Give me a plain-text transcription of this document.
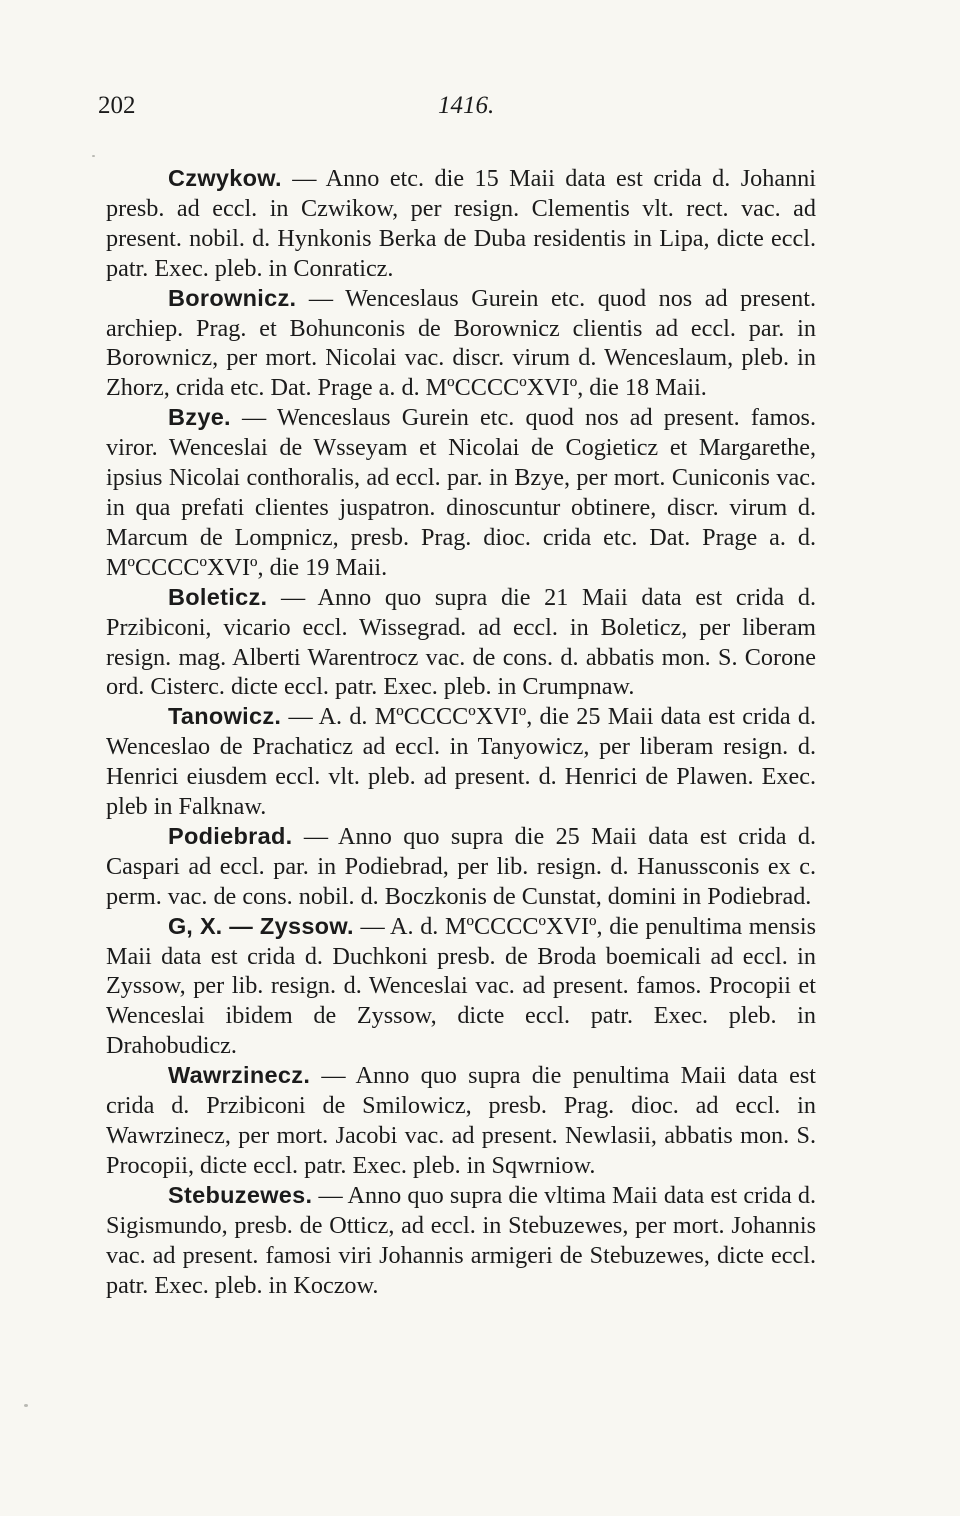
202	1416.

Czwykow. — Anno etc. die 15 Maii data est crida d. Johanni presb. ad eccl. in Czwikow, per resign. Clementis vlt. rect. vac. ad present. nobil. d. Hynkonis Berka de Duba residentis in Lipa, dicte eccl. patr. Exec. pleb. in Conraticz.

Borownicz. — Wenceslaus Gurein etc. quod nos ad present. archiep. Prag. et Bohunconis de Borownicz clientis ad eccl. par. in Borownicz, per mort. Nicolai vac. discr. virum d. Wenceslaum, pleb. in Zhorz, crida etc. Dat. Prage a. d. MºCCCCºXVIº, die 18 Maii.

Bzye. — Wenceslaus Gurein etc. quod nos ad present. famos. viror. Wenceslai de Wsseyam et Nicolai de Cogieticz et Margarethe, ipsius Nicolai conthoralis, ad eccl. par. in Bzye, per mort. Cuniconis vac. in qua prefati clientes juspatron. dinoscuntur obtinere, discr. virum d. Marcum de Lompnicz, presb. Prag. dioc. crida etc. Dat. Prage a. d. MºCCCCºXVIº, die 19 Maii.

Boleticz. — Anno quo supra die 21 Maii data est crida d. Przibiconi, vicario eccl. Wissegrad. ad eccl. in Boleticz, per liberam resign. mag. Alberti Warentrocz vac. de cons. d. abbatis mon. S. Corone ord. Cisterc. dicte eccl. patr. Exec. pleb. in Crumpnaw.

Tanowicz. — A. d. MºCCCCºXVIº, die 25 Maii data est crida d. Wenceslao de Prachaticz ad eccl. in Tanyowicz, per liberam resign. d. Henrici eiusdem eccl. vlt. pleb. ad present. d. Henrici de Plawen. Exec. pleb in Falknaw.

Podiebrad. — Anno quo supra die 25 Maii data est crida d. Caspari ad eccl. par. in Podiebrad, per lib. resign. d. Hanussconis ex c. perm. vac. de cons. nobil. d. Boczkonis de Cunstat, domini in Podiebrad.

G, X. — Zyssow. — A. d. MºCCCCºXVIº, die penultima mensis Maii data est crida d. Duchkoni presb. de Broda boemicali ad eccl. in Zyssow, per lib. resign. d. Wenceslai vac. ad present. famos. Procopii et Wenceslai ibidem de Zyssow, dicte eccl. patr. Exec. pleb. in Drahobudicz.

Wawrzinecz. — Anno quo supra die penultima Maii data est crida d. Przibiconi de Smilowicz, presb. Prag. dioc. ad eccl. in Wawrzinecz, per mort. Jacobi vac. ad present. Newlasii, abbatis mon. S. Procopii, dicte eccl. patr. Exec. pleb. in Sqwrniow.

Stebuzewes. — Anno quo supra die vltima Maii data est crida d. Sigismundo, presb. de Otticz, ad eccl. in Stebuzewes, per mort. Johannis vac. ad present. famosi viri Johannis armigeri de Stebuzewes, dicte eccl. patr. Exec. pleb. in Koczow.
